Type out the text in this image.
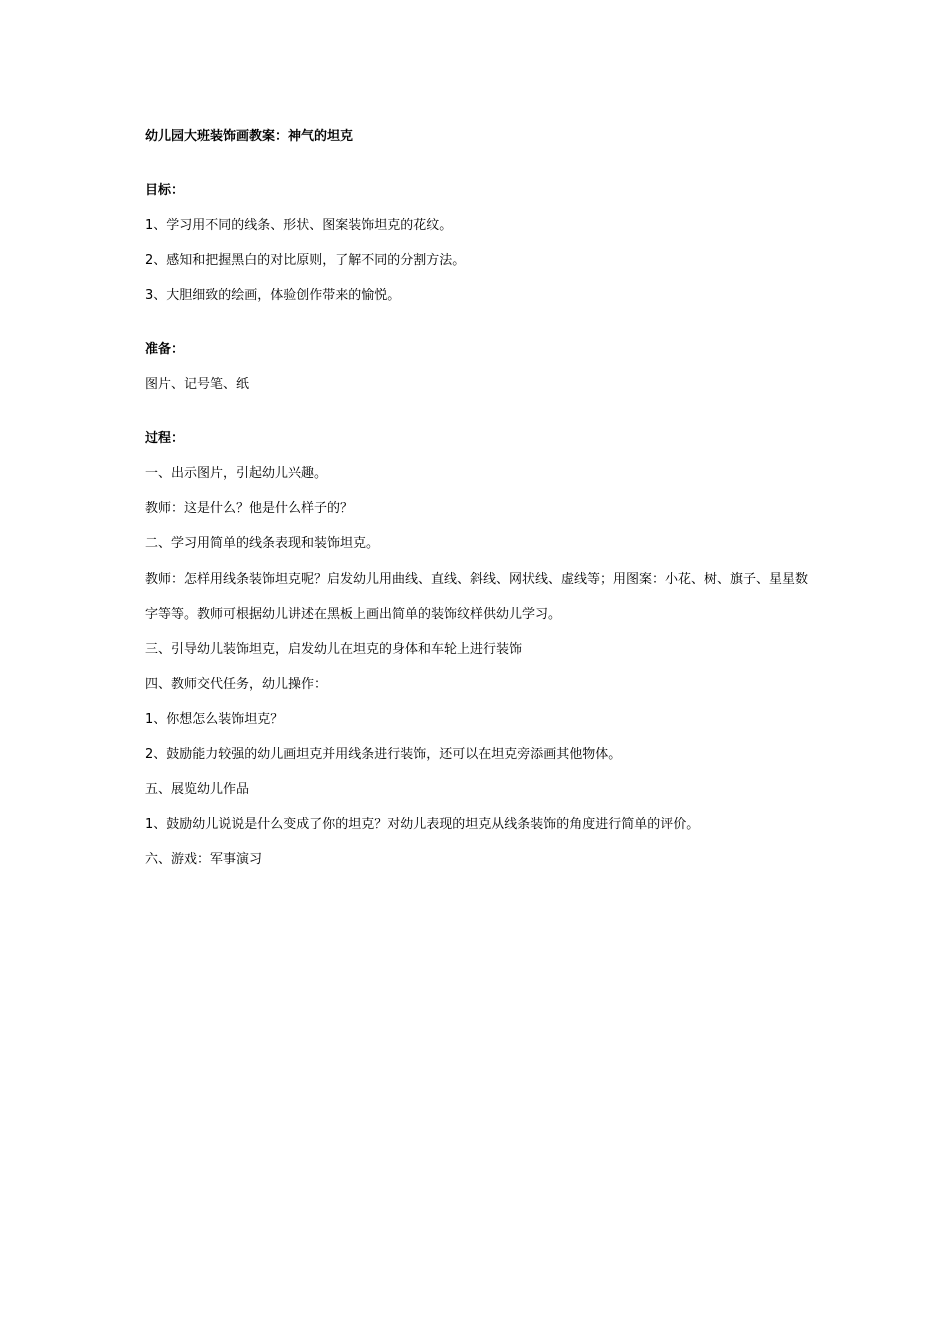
幼儿园大班装饰画教案：神气的坦克

目标：

1、学习用不同的线条、形状、图案装饰坦克的花纹。

2、感知和把握黑白的对比原则，了解不同的分割方法。

3、大胆细致的绘画，体验创作带来的愉悦。

准备：

图片、记号笔、纸

过程：

一、出示图片，引起幼儿兴趣。

教师：这是什么？他是什么样子的？

二、学习用简单的线条表现和装饰坦克。

教师：怎样用线条装饰坦克呢？启发幼儿用曲线、直线、斜线、网状线、虚线等；用图案：小花、树、旗子、星星数字等等。教师可根据幼儿讲述在黑板上画出简单的装饰纹样供幼儿学习。

三、引导幼儿装饰坦克，启发幼儿在坦克的身体和车轮上进行装饰

四、教师交代任务，幼儿操作：

1、你想怎么装饰坦克？

2、鼓励能力较强的幼儿画坦克并用线条进行装饰，还可以在坦克旁添画其他物体。

五、展览幼儿作品

1、鼓励幼儿说说是什么变成了你的坦克？对幼儿表现的坦克从线条装饰的角度进行简单的评价。

六、游戏：军事演习
